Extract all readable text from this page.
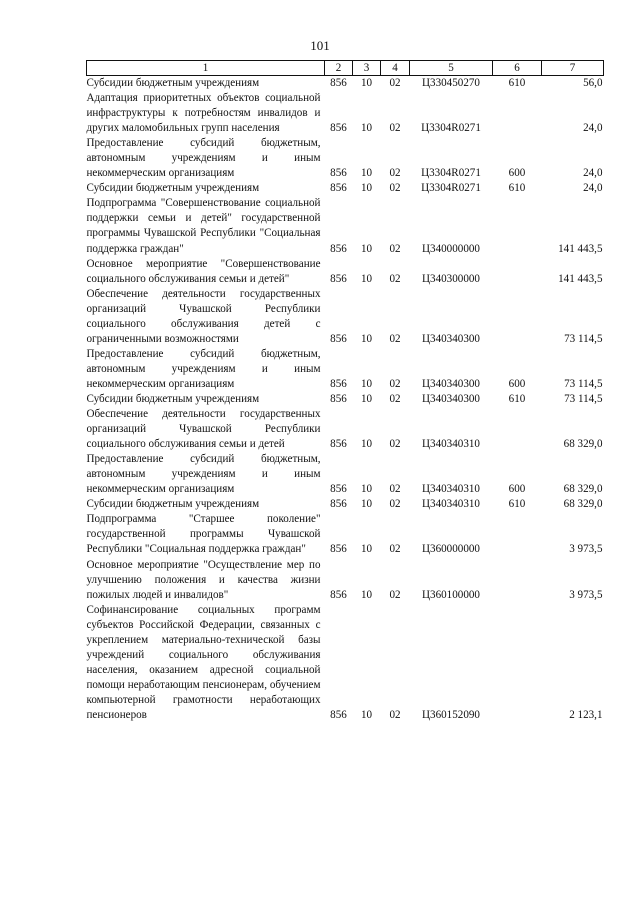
101
1	2	3	4	5	6	7
Субсидии бюджетным учреждениям	856	10	02	Ц330450270	610	56,0
Адаптация приоритетных объектов социальной инфраструктуры к потребностям инвалидов и других маломобильных групп населения	856	10	02	Ц3304R0271		24,0
Предоставление субсидий бюджетным, автономным учреждениям и иным некоммерческим организациям	856	10	02	Ц3304R0271	600	24,0
Субсидии бюджетным учреждениям	856	10	02	Ц3304R0271	610	24,0
Подпрограмма "Совершенствование социальной поддержки семьи и детей" государственной программы Чувашской Республики "Социальная поддержка граждан"	856	10	02	Ц340000000		141 443,5
Основное мероприятие "Совершенствование социального обслуживания семьи и детей"	856	10	02	Ц340300000		141 443,5
Обеспечение деятельности государственных организаций Чувашской Республики социального обслуживания детей с ограниченными возможностями	856	10	02	Ц340340300		73 114,5
Предоставление субсидий бюджетным, автономным учреждениям и иным некоммерческим организациям	856	10	02	Ц340340300	600	73 114,5
Субсидии бюджетным учреждениям	856	10	02	Ц340340300	610	73 114,5
Обеспечение деятельности государственных организаций Чувашской Республики социального обслуживания семьи и детей	856	10	02	Ц340340310		68 329,0
Предоставление субсидий бюджетным, автономным учреждениям и иным некоммерческим организациям	856	10	02	Ц340340310	600	68 329,0
Субсидии бюджетным учреждениям	856	10	02	Ц340340310	610	68 329,0
Подпрограмма "Старшее поколение" государственной программы Чувашской Республики "Социальная поддержка граждан"	856	10	02	Ц360000000		3 973,5
Основное мероприятие "Осуществление мер по улучшению положения и качества жизни пожилых людей и инвалидов"	856	10	02	Ц360100000		3 973,5
Софинансирование социальных программ субъектов Российской Федерации, связанных с укреплением материально-технической базы учреждений социального обслуживания населения, оказанием адресной социальной помощи неработающим пенсионерам, обучением компьютерной грамотности неработающих пенсионеров	856	10	02	Ц360152090		2 123,1
